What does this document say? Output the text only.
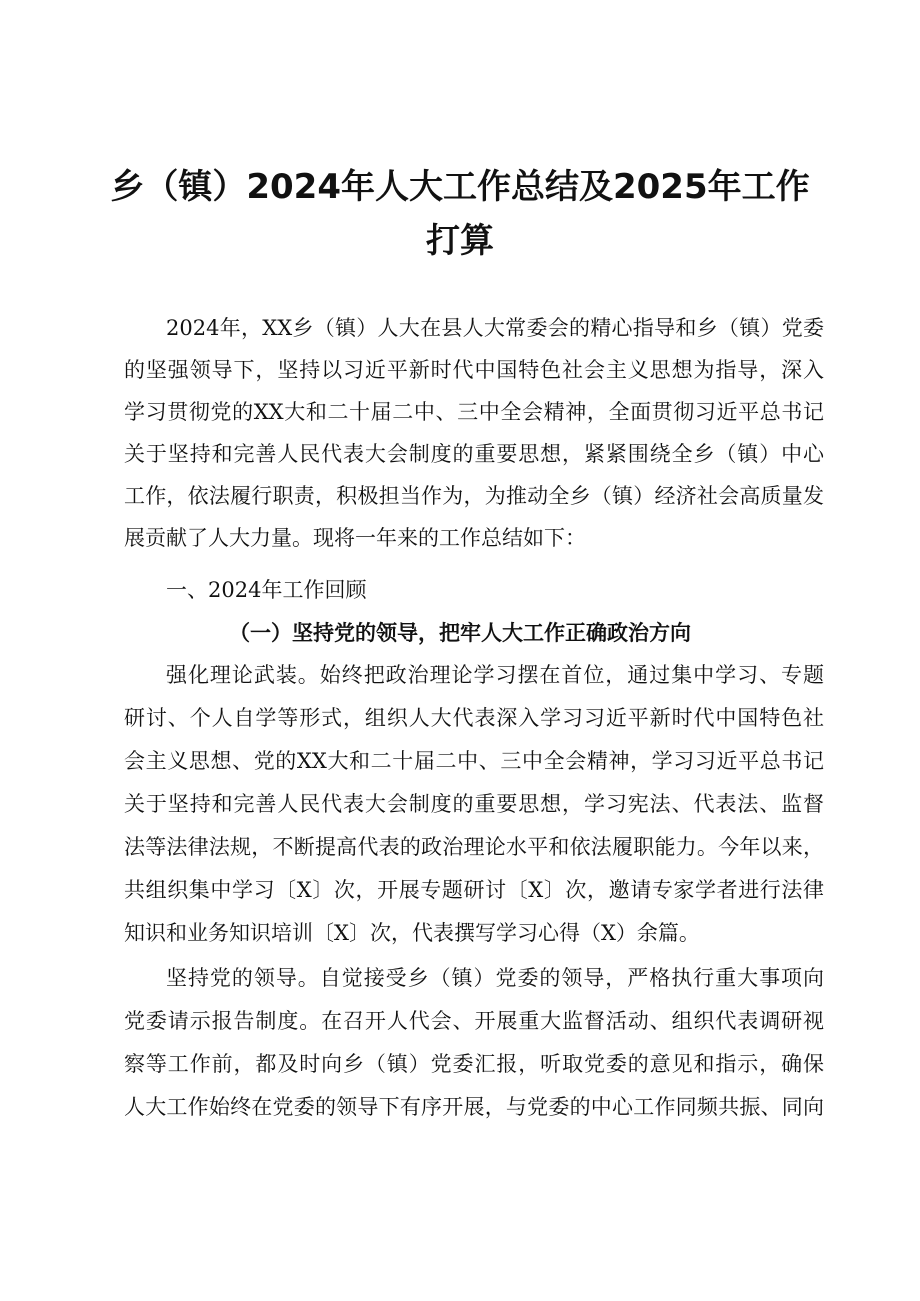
乡（镇）2024年人大工作总结及2025年工作
打算
2024年，XX乡（镇）人大在县人大常委会的精心指导和乡（镇）党委
的坚强领导下，坚持以习近平新时代中国特色社会主义思想为指导，深入
学习贯彻党的XX大和二十届二中、三中全会精神，全面贯彻习近平总书记
关于坚持和完善人民代表大会制度的重要思想，紧紧围绕全乡（镇）中心
工作，依法履行职责，积极担当作为，为推动全乡（镇）经济社会高质量发
展贡献了人大力量。现将一年来的工作总结如下：
一、2024年工作回顾
（一）坚持党的领导，把牢人大工作正确政治方向
强化理论武装。始终把政治理论学习摆在首位，通过集中学习、专题
研讨、个人自学等形式，组织人大代表深入学习习近平新时代中国特色社
会主义思想、党的XX大和二十届二中、三中全会精神，学习习近平总书记
关于坚持和完善人民代表大会制度的重要思想，学习宪法、代表法、监督
法等法律法规，不断提高代表的政治理论水平和依法履职能力。今年以来，
共组织集中学习〔X〕次，开展专题研讨〔X〕次，邀请专家学者进行法律
知识和业务知识培训〔X〕次，代表撰写学习心得（X）余篇。
坚持党的领导。自觉接受乡（镇）党委的领导，严格执行重大事项向
党委请示报告制度。在召开人代会、开展重大监督活动、组织代表调研视
察等工作前，都及时向乡（镇）党委汇报，听取党委的意见和指示，确保
人大工作始终在党委的领导下有序开展，与党委的中心工作同频共振、同向
